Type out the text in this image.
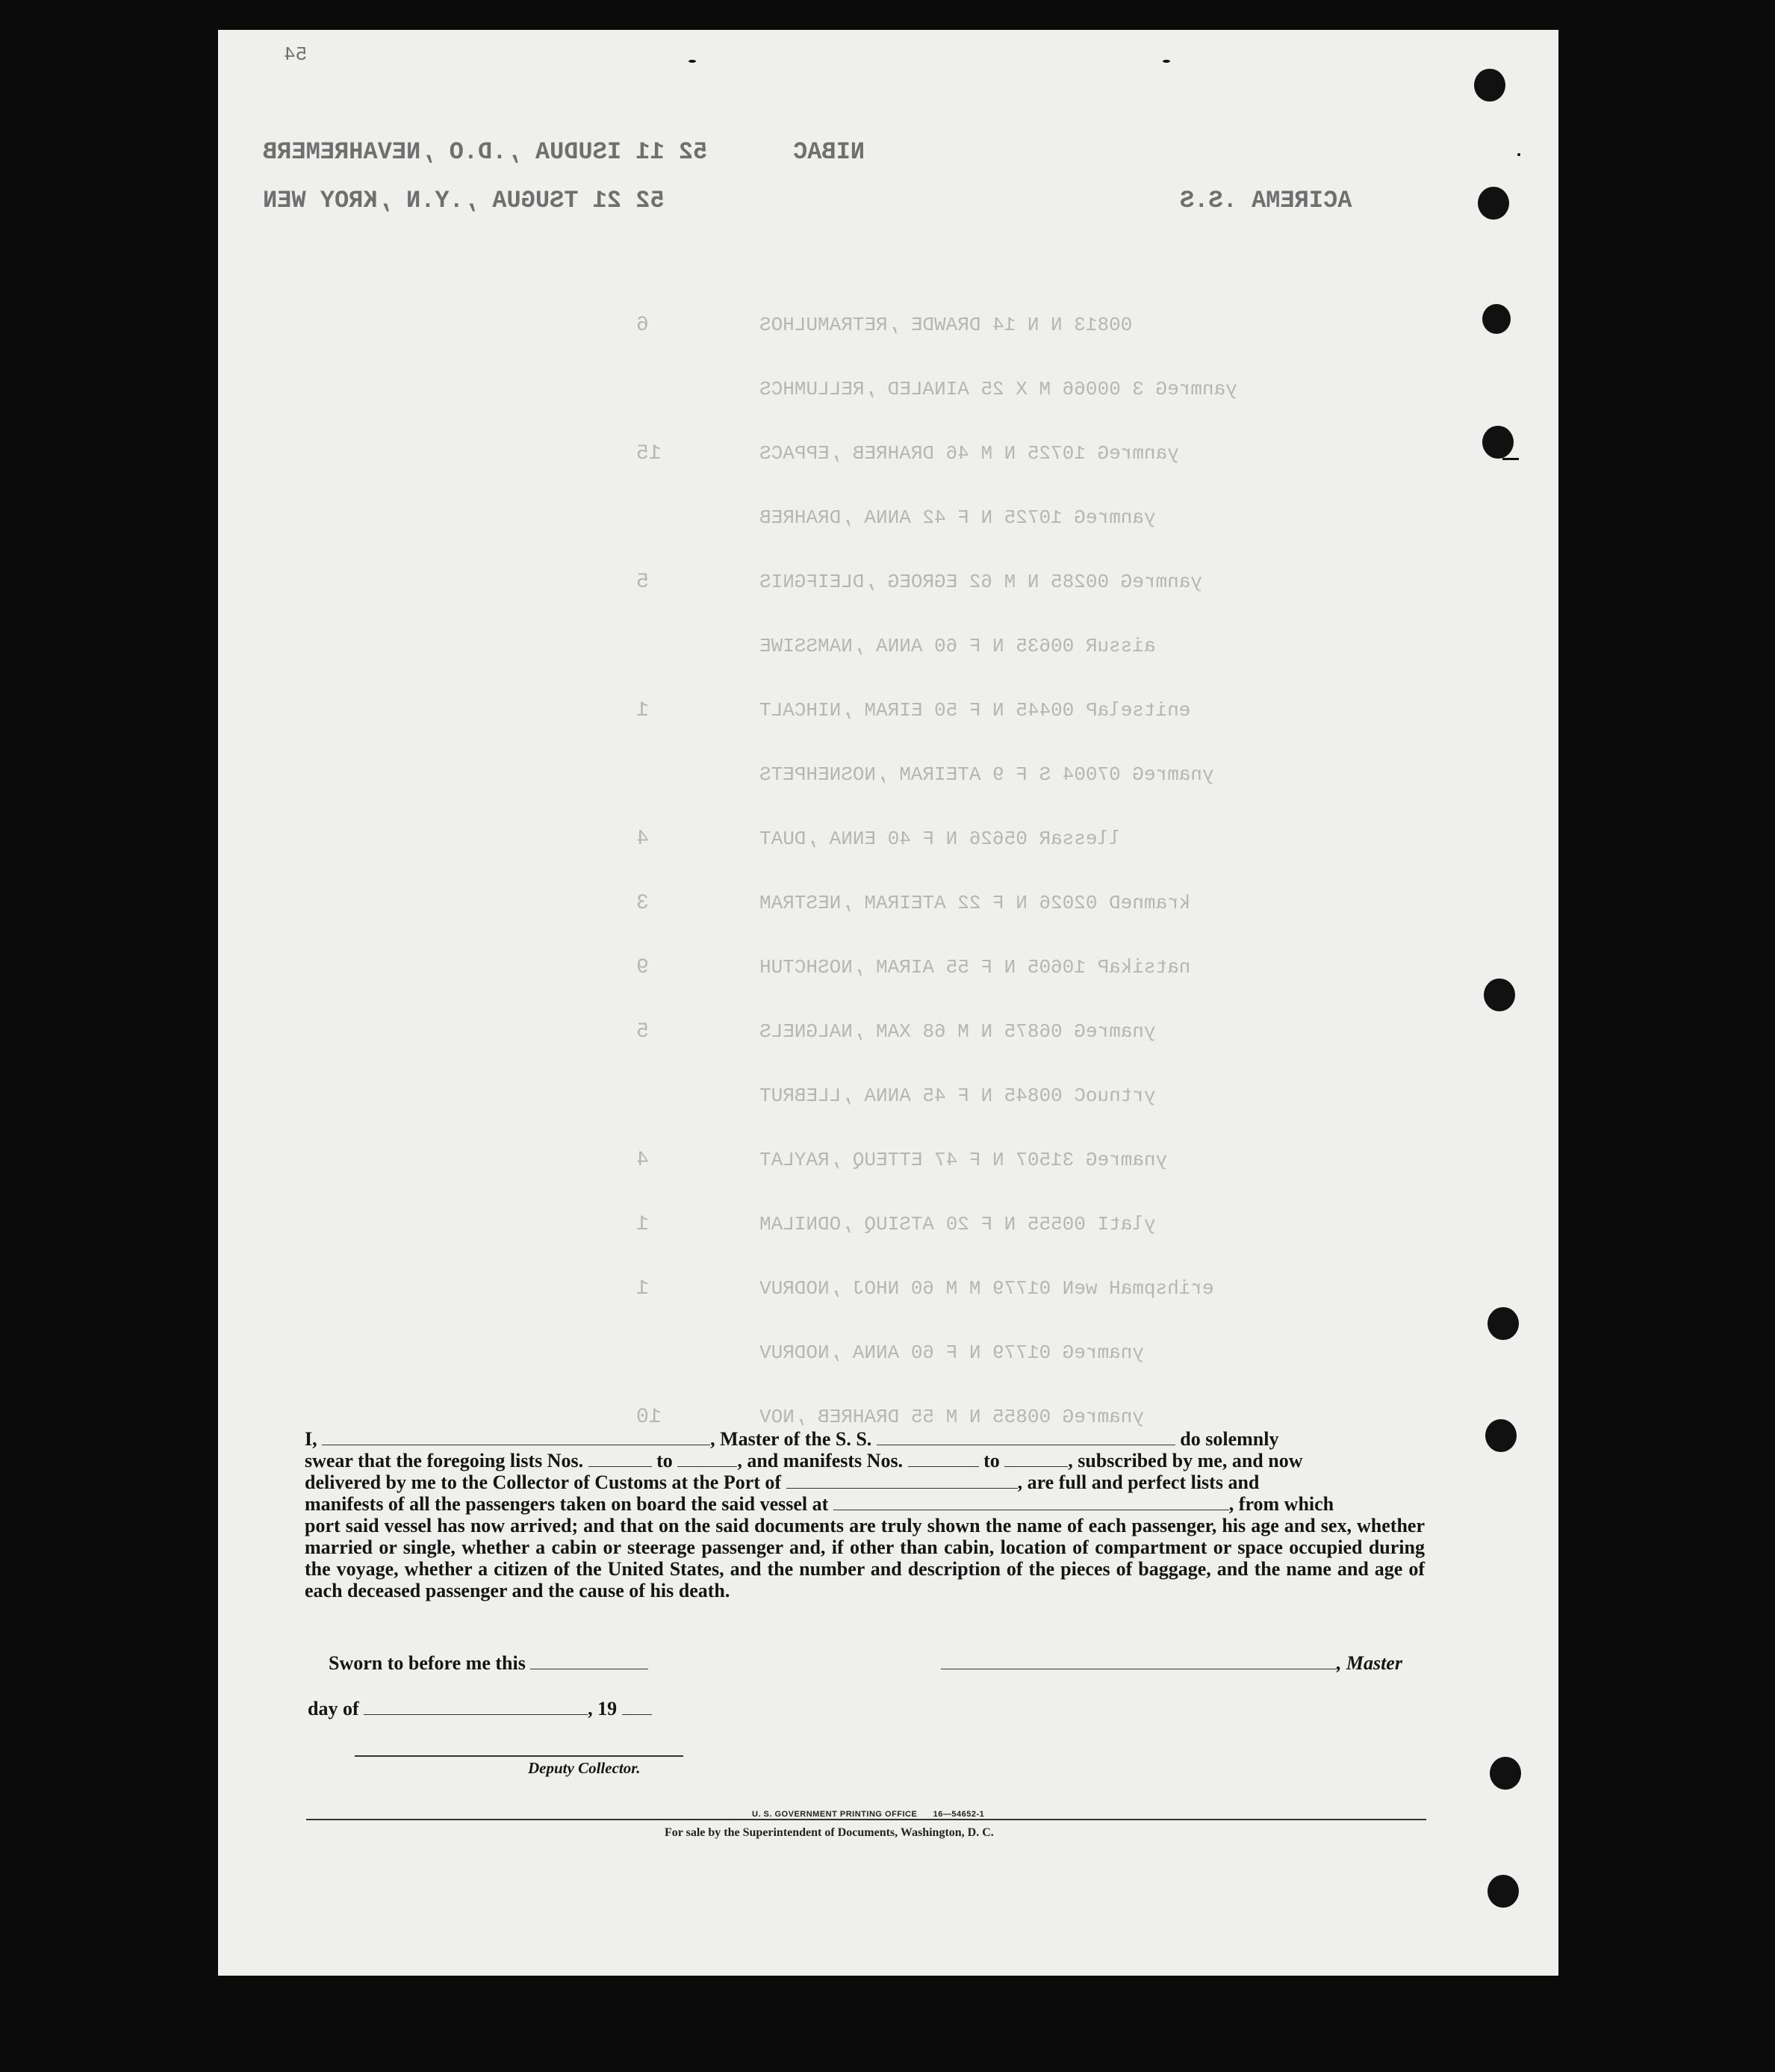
54
52 11 ISUDUA ,.D.O ,NEVAHREMERB	NIBAC
52 21 TSUGUA ,.Y.N ,KROY WEN	ACIREMA .S.S
6	00813 N N 14 DRAWDE ,RETRAMULHOS
yanmreG 3 00066 M X 25 AINALED ,RELLUMHCS
15	yanmreG 10725 N M 46 DRAHREB ,EPPACS
yanmreG 10725 N F 42 ANNA ,DRAHREB
5	yanmreG 00285 N M 62 EGROEG ,DLEIFGNIS
aissuR 00635 N F 60 ANNA ,NAMSSIWE
1	enitselaP 00445 N F 50 EIRAM ,NIHCALT
ynamreG 07004 S F 9 ATEIRAM ,NOSNEHPETS
4	llessaR 05626 N F 40 ENNA ,DUAT
3	kramneD 02026 N F 22 ATEIRAM ,NESTRAM
9	natsikaP 10605 N F 55 AIRAM ,NOSHCTUH
5	ynamreG 06875 N M 68 XAM ,NALGNELS
yrtnuoC 00845 N F 45 ANNA ,LLEBRUT
4	ynamreG 31507 N F 47 ETTEUQ ,RAYLAT
1	ylatI 00555 N F 20 ATSIUQ ,ODNILAM
1	erihspmaH weN 01779 M M 60 NHOJ ,NODRUV
ynamreG 01779 N F 60 ANNA ,NODRUV
10	ynamreG 00855 N M 55 DRAHREB ,NOV

I,	, Master of the S. S.	do solemnly

swear that the foregoing lists Nos.	to	, and manifests Nos.	to	, subscribed by me, and now

delivered by me to the Collector of Customs at the Port of	, are full and perfect lists and

manifests of all the passengers taken on board the said vessel at	, from which

port said vessel has now arrived; and that on the said documents are truly shown the name of each passenger, his age and sex, whether married or single, whether a cabin or steerage passenger and, if other than cabin, location of compartment or space occupied during the voyage, whether a citizen of the United States, and the number and description of the pieces of baggage, and the name and age of each deceased passenger and the cause of his death.

Sworn to before me this	, Master
day of	, 19
Deputy Collector.
U. S. GOVERNMENT PRINTING OFFICE      16—54652-1
For sale by the Superintendent of Documents, Washington, D. C.
